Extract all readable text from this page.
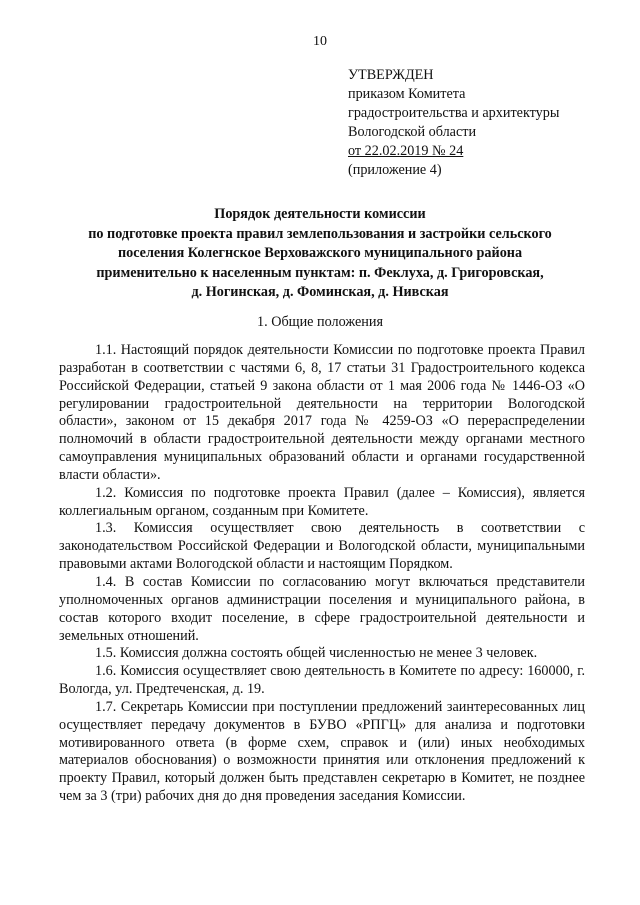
10
УТВЕРЖДЕН
приказом Комитета
градостроительства и архитектуры
Вологодской области
от 22.02.2019 № 24
(приложение 4)
Порядок деятельности комиссии
по подготовке проекта правил землепользования и застройки сельского
поселения Колегнское Верховажского муниципального района
применительно к населенным пунктам: п. Феклуха, д. Григоровская,
д. Ногинская, д. Фоминская, д. Нивская
1. Общие положения

1.1. Настоящий порядок деятельности Комиссии по подготовке проекта Правил разработан в соответствии с частями 6, 8, 17 статьи 31 Градостроительного кодекса Российской Федерации, статьей 9 закона области от 1 мая 2006 года № 1446-ОЗ «О регулировании градостроительной деятельности на территории Вологодской области», законом от 15 декабря 2017 года № 4259-ОЗ «О перераспределении полномочий в области градостроительной деятельности между органами местного самоуправления муниципальных образований области и органами государственной власти области».

1.2. Комиссия по подготовке проекта Правил (далее – Комиссия), является коллегиальным органом, созданным при Комитете.

1.3. Комиссия осуществляет свою деятельность в соответствии с законодательством Российской Федерации и Вологодской области, муниципальными правовыми актами Вологодской области и настоящим Порядком.

1.4. В состав Комиссии по согласованию могут включаться представители уполномоченных органов администрации поселения и муниципального района, в состав которого входит поселение, в сфере градостроительной деятельности и земельных отношений.

1.5. Комиссия должна состоять общей численностью не менее 3 человек.

1.6. Комиссия осуществляет свою деятельность в Комитете по адресу: 160000, г. Вологда, ул. Предтеченская, д. 19.

1.7. Секретарь Комиссии при поступлении предложений заинтересованных лиц осуществляет передачу документов в БУВО «РПГЦ» для анализа и подготовки мотивированного ответа (в форме схем, справок и (или) иных необходимых материалов обоснования) о возможности принятия или отклонения предложений к проекту Правил, который должен быть представлен секретарю в Комитет, не позднее чем за 3 (три) рабочих дня до дня проведения заседания Комиссии.
